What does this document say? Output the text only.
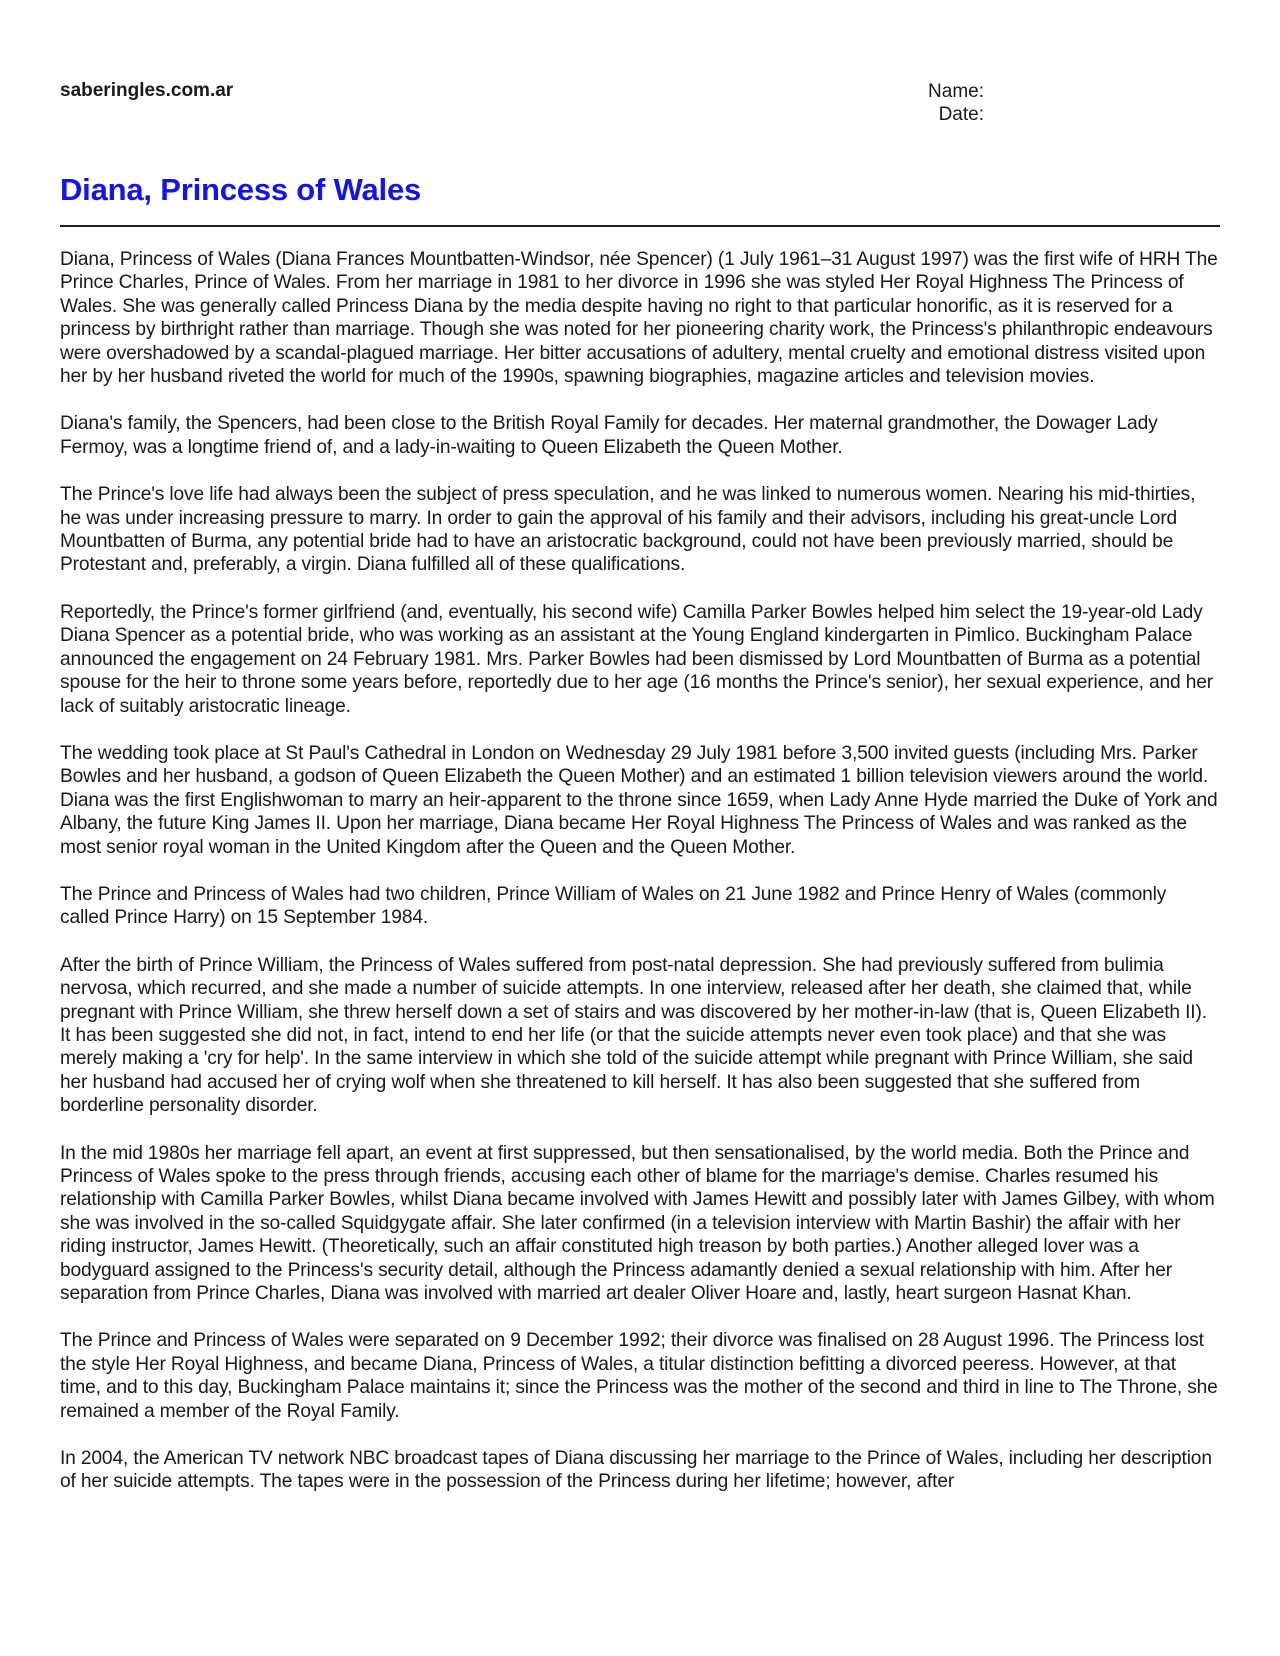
saberingles.com.ar	Name:
Date:
Diana, Princess of Wales

Diana, Princess of Wales (Diana Frances Mountbatten-Windsor, née Spencer) (1 July 1961–31 August 1997) was the first wife of HRH The Prince Charles, Prince of Wales. From her marriage in 1981 to her divorce in 1996 she was styled Her Royal Highness The Princess of Wales. She was generally called Princess Diana by the media despite having no right to that particular honorific, as it is reserved for a princess by birthright rather than marriage. Though she was noted for her pioneering charity work, the Princess's philanthropic endeavours were overshadowed by a scandal-plagued marriage. Her bitter accusations of adultery, mental cruelty and emotional distress visited upon her by her husband riveted the world for much of the 1990s, spawning biographies, magazine articles and television movies.

Diana's family, the Spencers, had been close to the British Royal Family for decades. Her maternal grandmother, the Dowager Lady Fermoy, was a longtime friend of, and a lady-in-waiting to Queen Elizabeth the Queen Mother.

The Prince's love life had always been the subject of press speculation, and he was linked to numerous women. Nearing his mid-thirties, he was under increasing pressure to marry. In order to gain the approval of his family and their advisors, including his great-uncle Lord Mountbatten of Burma, any potential bride had to have an aristocratic background, could not have been previously married, should be Protestant and, preferably, a virgin. Diana fulfilled all of these qualifications.

Reportedly, the Prince's former girlfriend (and, eventually, his second wife) Camilla Parker Bowles helped him select the 19-year-old Lady Diana Spencer as a potential bride, who was working as an assistant at the Young England kindergarten in Pimlico. Buckingham Palace announced the engagement on 24 February 1981. Mrs. Parker Bowles had been dismissed by Lord Mountbatten of Burma as a potential spouse for the heir to throne some years before, reportedly due to her age (16 months the Prince's senior), her sexual experience, and her lack of suitably aristocratic lineage.

The wedding took place at St Paul's Cathedral in London on Wednesday 29 July 1981 before 3,500 invited guests (including Mrs. Parker Bowles and her husband, a godson of Queen Elizabeth the Queen Mother) and an estimated 1 billion television viewers around the world. Diana was the first Englishwoman to marry an heir-apparent to the throne since 1659, when Lady Anne Hyde married the Duke of York and Albany, the future King James II. Upon her marriage, Diana became Her Royal Highness The Princess of Wales and was ranked as the most senior royal woman in the United Kingdom after the Queen and the Queen Mother.

The Prince and Princess of Wales had two children, Prince William of Wales on 21 June 1982 and Prince Henry of Wales (commonly called Prince Harry) on 15 September 1984.

After the birth of Prince William, the Princess of Wales suffered from post-natal depression. She had previously suffered from bulimia nervosa, which recurred, and she made a number of suicide attempts. In one interview, released after her death, she claimed that, while pregnant with Prince William, she threw herself down a set of stairs and was discovered by her mother-in-law (that is, Queen Elizabeth II). It has been suggested she did not, in fact, intend to end her life (or that the suicide attempts never even took place) and that she was merely making a 'cry for help'. In the same interview in which she told of the suicide attempt while pregnant with Prince William, she said her husband had accused her of crying wolf when she threatened to kill herself. It has also been suggested that she suffered from borderline personality disorder.

In the mid 1980s her marriage fell apart, an event at first suppressed, but then sensationalised, by the world media. Both the Prince and Princess of Wales spoke to the press through friends, accusing each other of blame for the marriage's demise. Charles resumed his relationship with Camilla Parker Bowles, whilst Diana became involved with James Hewitt and possibly later with James Gilbey, with whom she was involved in the so-called Squidgygate affair. She later confirmed (in a television interview with Martin Bashir) the affair with her riding instructor, James Hewitt. (Theoretically, such an affair constituted high treason by both parties.) Another alleged lover was a bodyguard assigned to the Princess's security detail, although the Princess adamantly denied a sexual relationship with him. After her separation from Prince Charles, Diana was involved with married art dealer Oliver Hoare and, lastly, heart surgeon Hasnat Khan.

The Prince and Princess of Wales were separated on 9 December 1992; their divorce was finalised on 28 August 1996. The Princess lost the style Her Royal Highness, and became Diana, Princess of Wales, a titular distinction befitting a divorced peeress. However, at that time, and to this day, Buckingham Palace maintains it; since the Princess was the mother of the second and third in line to The Throne, she remained a member of the Royal Family.

In 2004, the American TV network NBC broadcast tapes of Diana discussing her marriage to the Prince of Wales, including her description of her suicide attempts. The tapes were in the possession of the Princess during her lifetime; however, after
